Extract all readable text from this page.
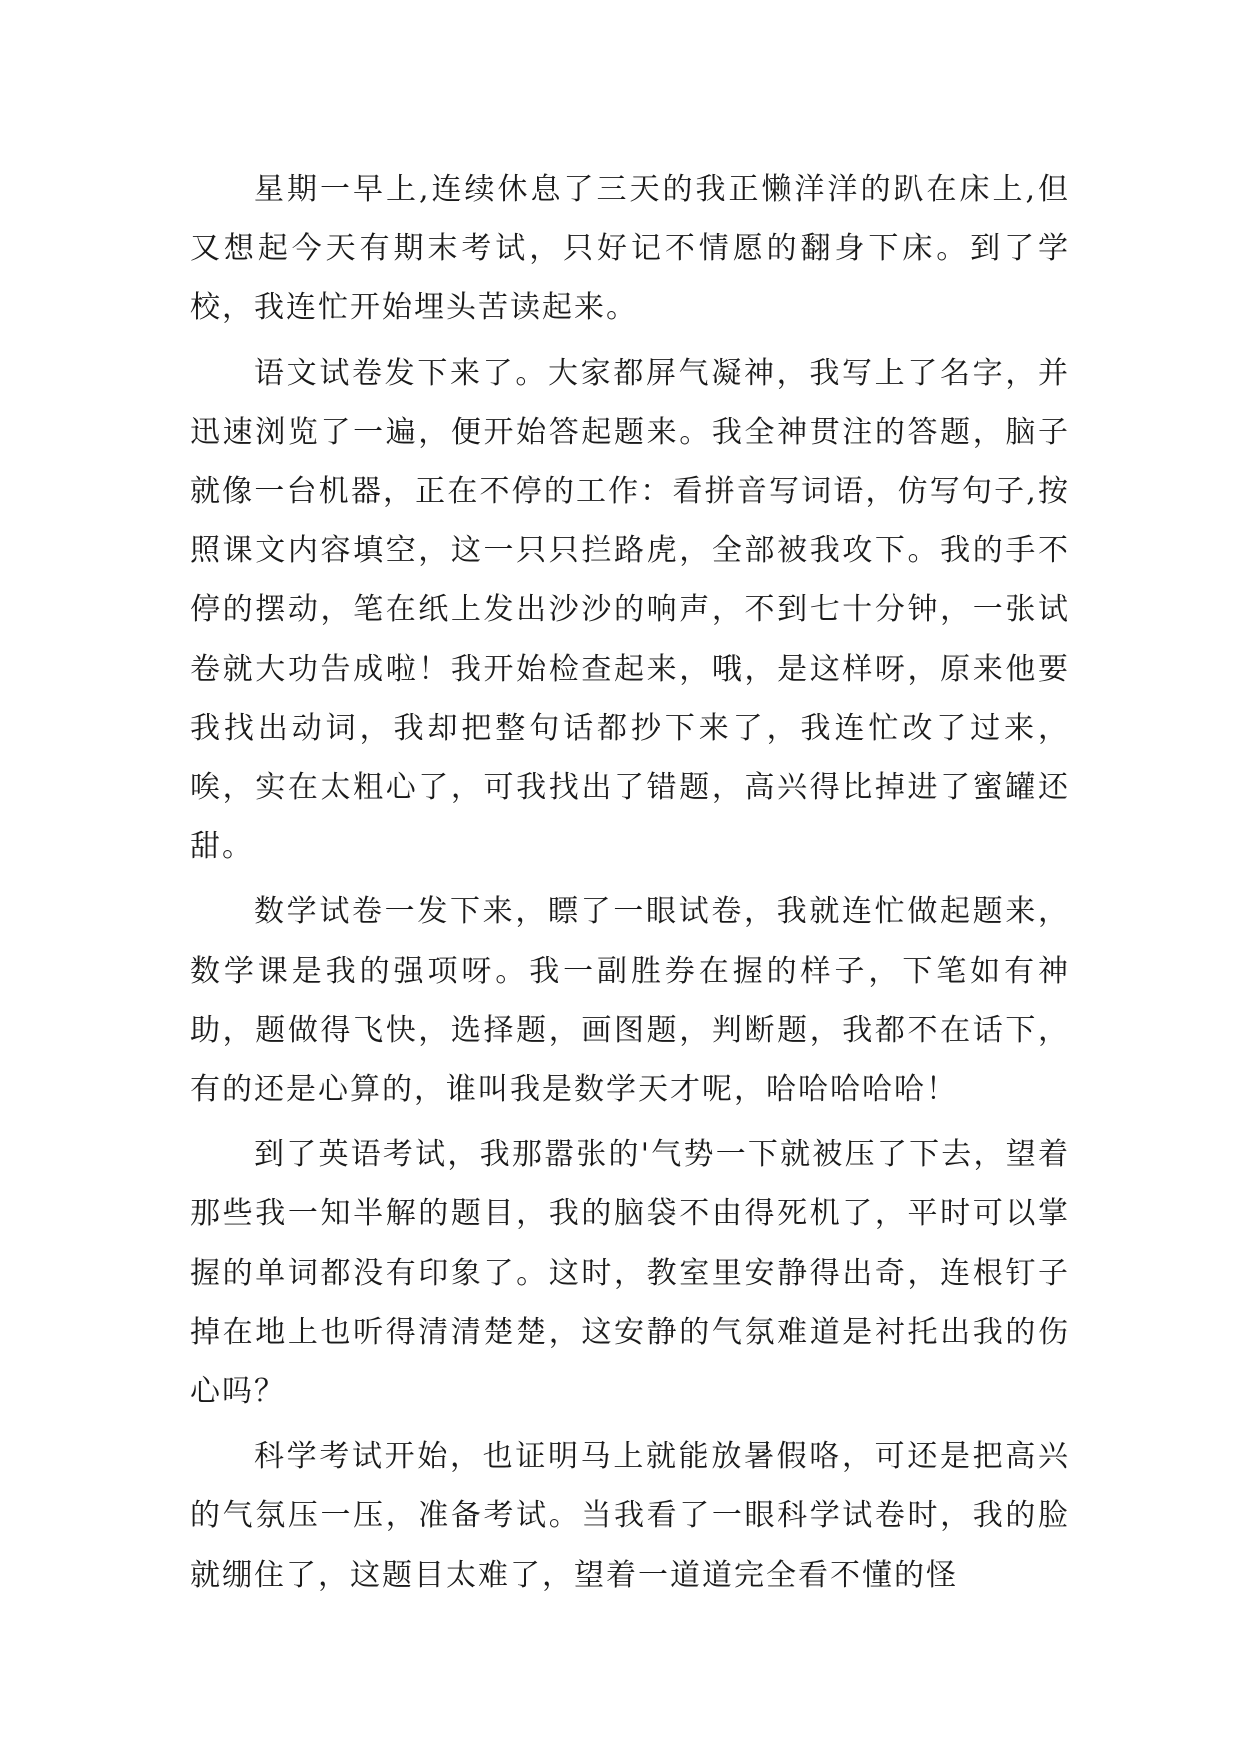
星期一早上,连续休息了三天的我正懒洋洋的趴在床上,但又想起今天有期末考试，只好记不情愿的翻身下床。到了学校，我连忙开始埋头苦读起来。

语文试卷发下来了。大家都屏气凝神，我写上了名字，并迅速浏览了一遍，便开始答起题来。我全神贯注的答题，脑子就像一台机器，正在不停的工作：看拼音写词语，仿写句子,按照课文内容填空，这一只只拦路虎，全部被我攻下。我的手不停的摆动，笔在纸上发出沙沙的响声，不到七十分钟，一张试卷就大功告成啦！我开始检查起来，哦，是这样呀，原来他要我找出动词，我却把整句话都抄下来了，我连忙改了过来，唉，实在太粗心了，可我找出了错题，高兴得比掉进了蜜罐还甜。

数学试卷一发下来，瞟了一眼试卷，我就连忙做起题来，数学课是我的强项呀。我一副胜券在握的样子，下笔如有神助，题做得飞快，选择题，画图题，判断题，我都不在话下，有的还是心算的，谁叫我是数学天才呢，哈哈哈哈哈！

到了英语考试，我那嚣张的'气势一下就被压了下去，望着那些我一知半解的题目，我的脑袋不由得死机了，平时可以掌握的单词都没有印象了。这时，教室里安静得出奇，连根钉子掉在地上也听得清清楚楚，这安静的气氛难道是衬托出我的伤心吗？

科学考试开始，也证明马上就能放暑假咯，可还是把高兴的气氛压一压，准备考试。当我看了一眼科学试卷时，我的脸就绷住了，这题目太难了，望着一道道完全看不懂的怪
